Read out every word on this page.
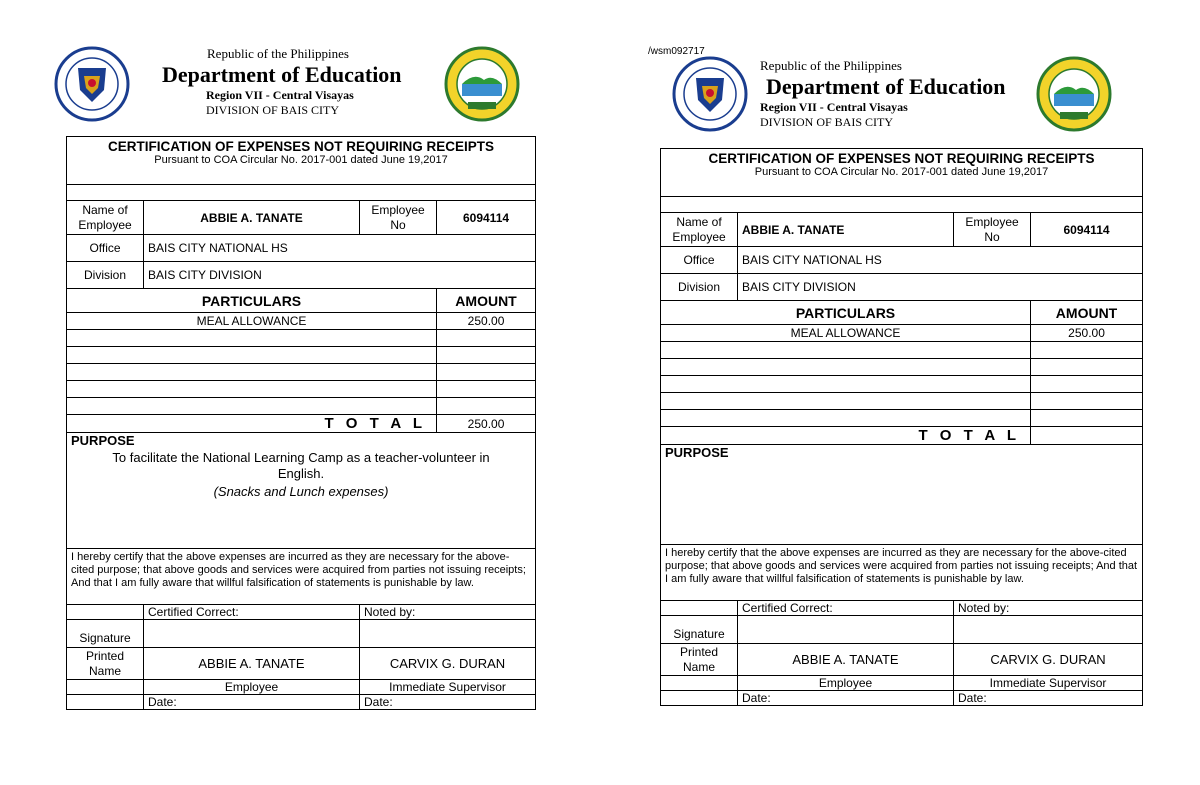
Republic of the Philippines
Department of Education
Region VII - Central Visayas
DIVISION OF BAIS CITY
CERTIFICATION OF EXPENSES NOT REQUIRING RECEIPTS
Pursuant to COA Circular No. 2017-001 dated June 19,2017			

Name of Employee	ABBIE A. TANATE	Employee No	6094114
Office	BAIS CITY NATIONAL HS		
Division	BAIS CITY DIVISION		
PARTICULARS			AMOUNT
MEAL ALLOWANCE			250.00

T O T A L			250.00

PURPOSE
To facilitate the National Learning Camp as a teacher-volunteer in English.
(Snacks and Lunch expenses)			

I hereby certify that the above expenses are incurred as they are necessary for the above-cited purpose; that above goods and services were acquired from parties not issuing receipts; And that I am fully aware that willful falsification of statements is punishable by law.			
	Certified Correct:	Noted by:	
Signature			
Printed Name	ABBIE A. TANATE	CARVIX G. DURAN	
	Employee	Immediate Supervisor	
	Date:	Date:	
/wsm092717
Republic of the Philippines
Department of Education
Region VII - Central Visayas
DIVISION OF BAIS CITY
CERTIFICATION OF EXPENSES NOT REQUIRING RECEIPTS
Pursuant to COA Circular No. 2017-001 dated June 19,2017			

Name of Employee	ABBIE A. TANATE	Employee No	6094114
Office	BAIS CITY NATIONAL HS		
Division	BAIS CITY DIVISION		
PARTICULARS			AMOUNT
MEAL ALLOWANCE			250.00

T O T A L			

PURPOSE			

I hereby certify that the above expenses are incurred as they are necessary for the above-cited purpose; that above goods and services were acquired from parties not issuing receipts; And that I am fully aware that willful falsification of statements is punishable by law.			
	Certified Correct:	Noted by:	
Signature			
Printed Name	ABBIE A. TANATE	CARVIX G. DURAN	
	Employee	Immediate Supervisor	
	Date:	Date:	
